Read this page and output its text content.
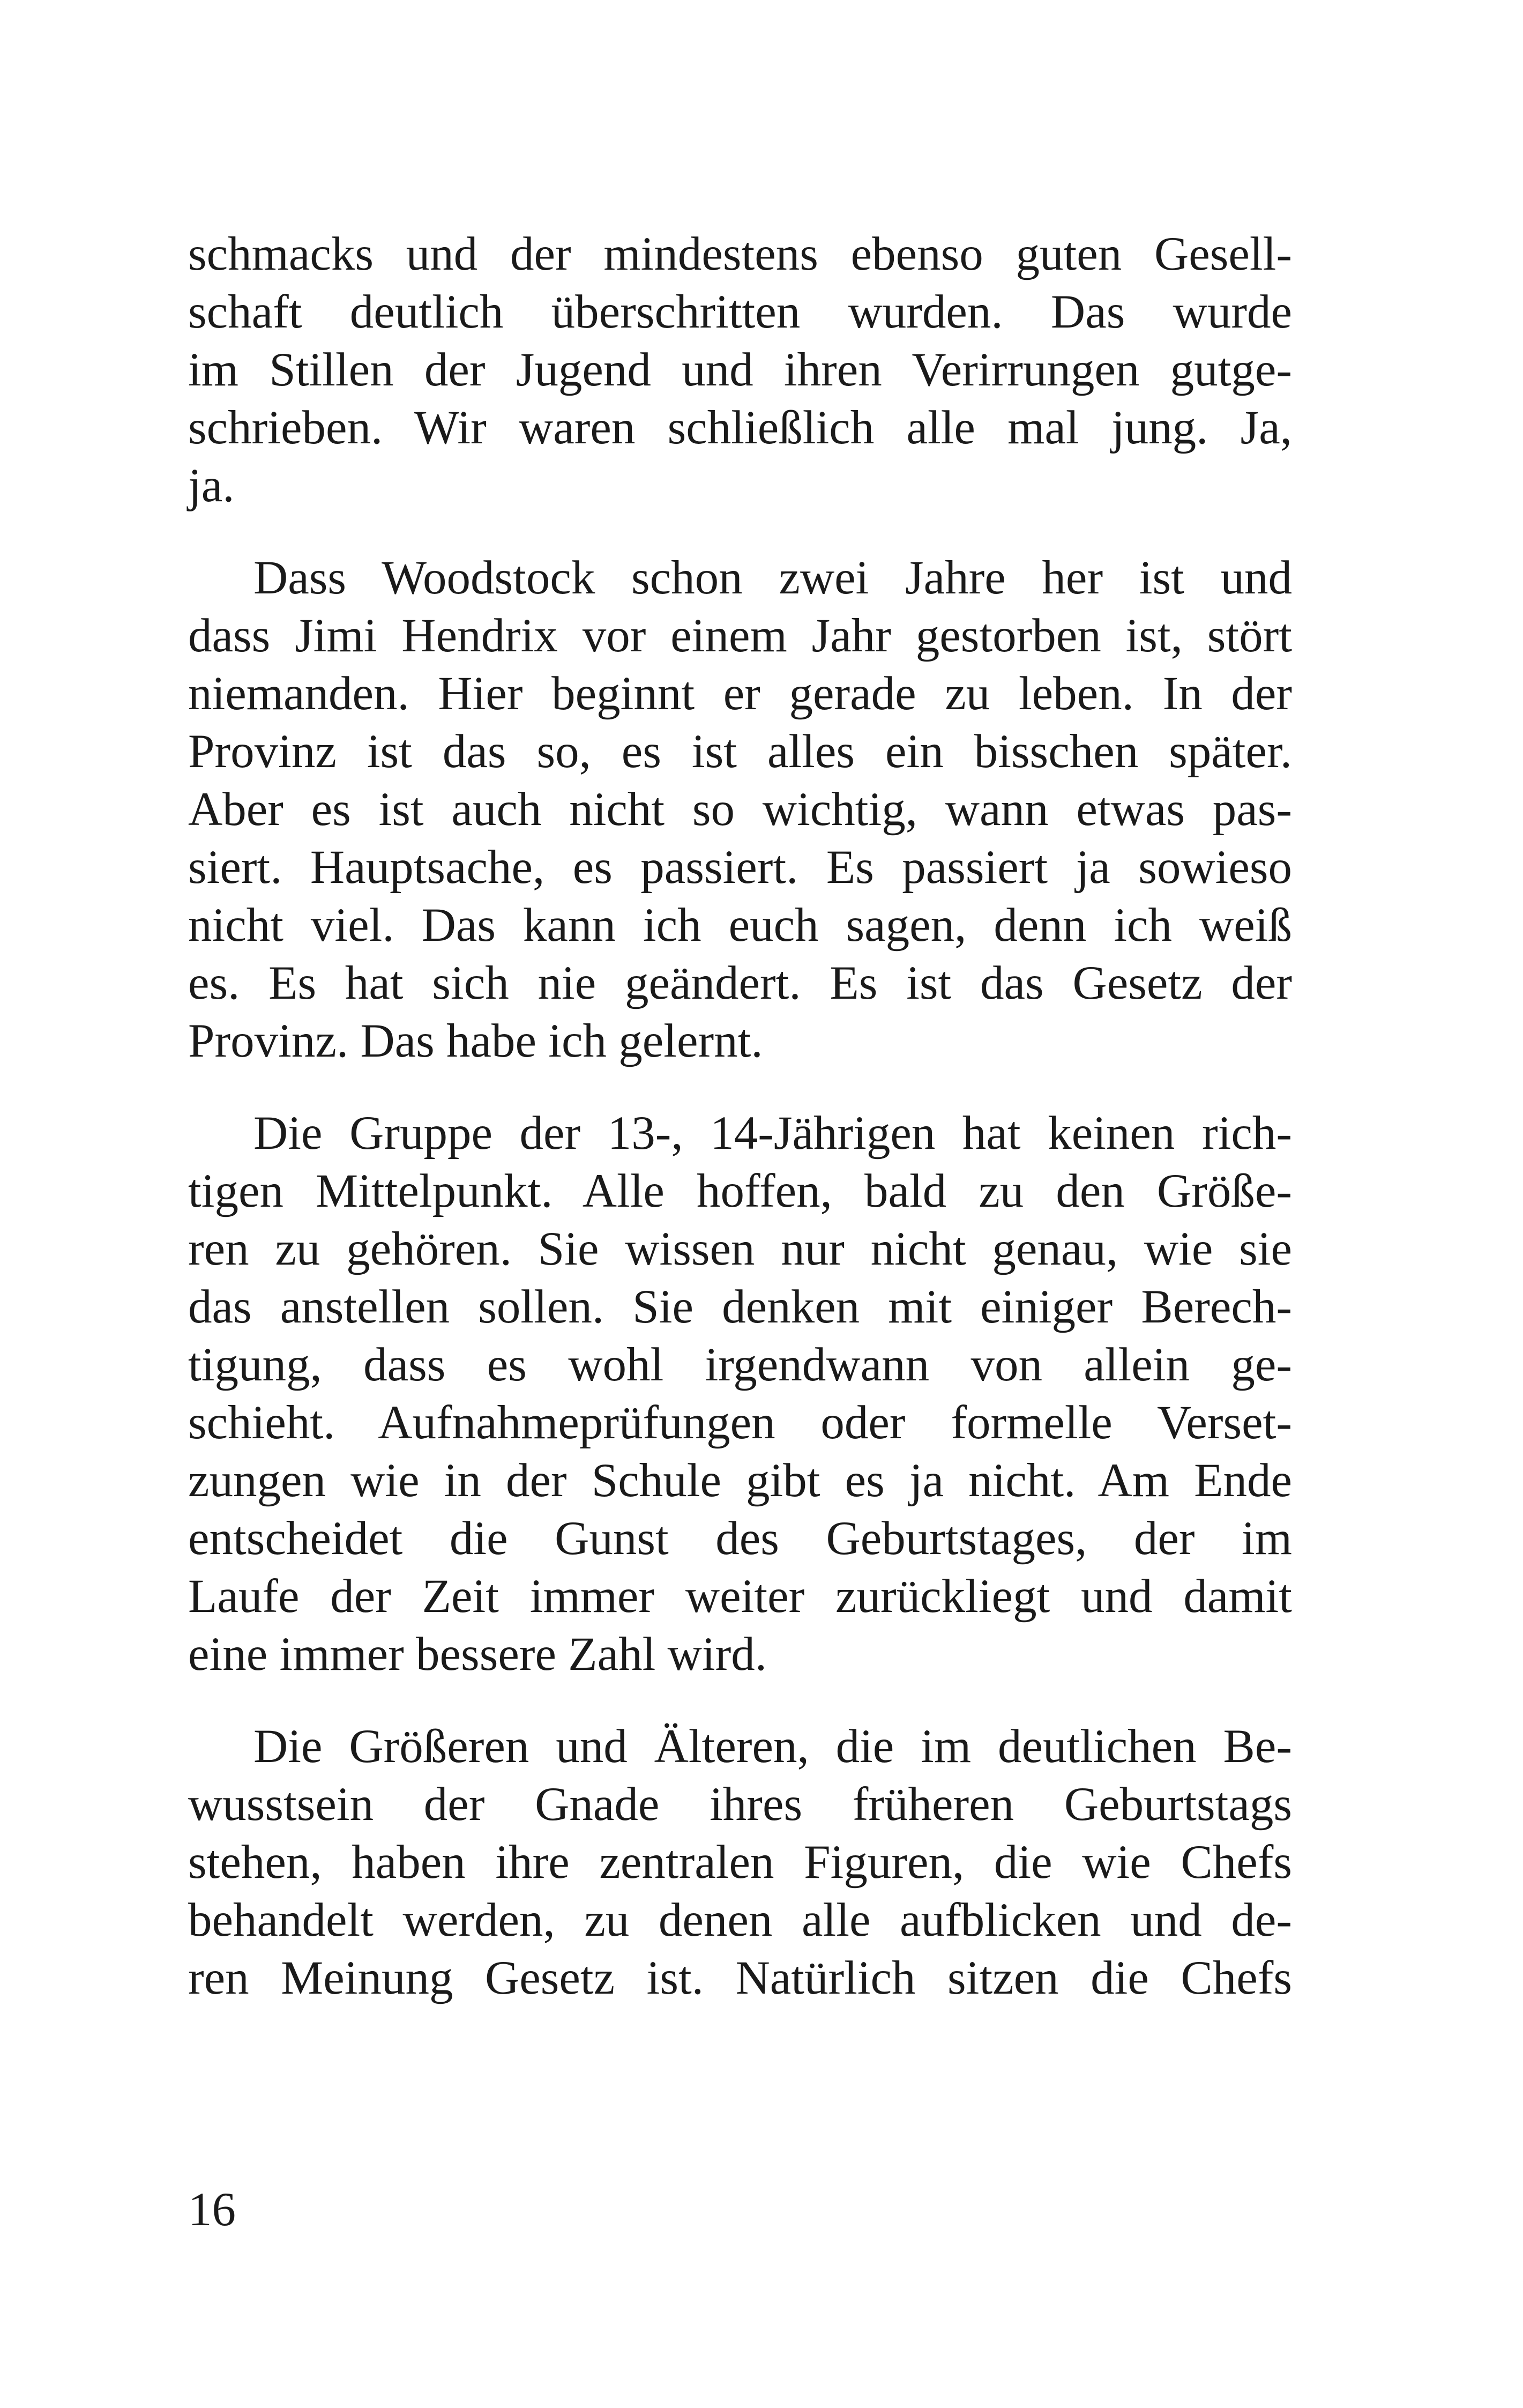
schmacks und der mindestens ebenso guten Gesell-
schaft deutlich überschritten wurden. Das wurde
im Stillen der Jugend und ihren Verirrungen gutge-
schrieben. Wir waren schließlich alle mal jung. Ja,
ja.
Dass Woodstock schon zwei Jahre her ist und
dass Jimi Hendrix vor einem Jahr gestorben ist, stört
niemanden. Hier beginnt er gerade zu leben. In der
Provinz ist das so, es ist alles ein bisschen später.
Aber es ist auch nicht so wichtig, wann etwas pas-
siert. Hauptsache, es passiert. Es passiert ja sowieso
nicht viel. Das kann ich euch sagen, denn ich weiß
es. Es hat sich nie geändert. Es ist das Gesetz der
Provinz. Das habe ich gelernt.
Die Gruppe der 13-, 14-Jährigen hat keinen rich-
tigen Mittelpunkt. Alle hoffen, bald zu den Größe-
ren zu gehören. Sie wissen nur nicht genau, wie sie
das anstellen sollen. Sie denken mit einiger Berech-
tigung, dass es wohl irgendwann von allein ge-
schieht. Aufnahmeprüfungen oder formelle Verset-
zungen wie in der Schule gibt es ja nicht. Am Ende
entscheidet die Gunst des Geburtstages, der im
Laufe der Zeit immer weiter zurückliegt und damit
eine immer bessere Zahl wird.
Die Größeren und Älteren, die im deutlichen Be-
wusstsein der Gnade ihres früheren Geburtstags
stehen, haben ihre zentralen Figuren, die wie Chefs
behandelt werden, zu denen alle aufblicken und de-
ren Meinung Gesetz ist. Natürlich sitzen die Chefs
16
